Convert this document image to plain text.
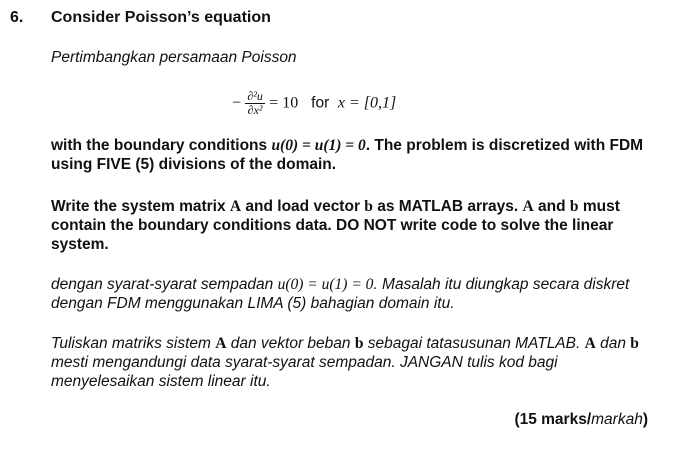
6. Consider Poisson’s equation
Pertimbangkan persamaan Poisson
− $\frac{\text{∂²u}}{\text{∂x²}} = 10$ for x = [0,1]
with the boundary conditions u(0) = u(1) = 0. The problem is discretized with FDM using FIVE (5) divisions of the domain.
Write the system matrix A and load vector b as MATLAB arrays. A and b must contain the boundary conditions data. DO NOT write code to solve the linear system.
dengan syarat-syarat sempadan u(0) = u(1) = 0. Masalah itu diungkap secara diskret dengan FDM menggunakan LIMA (5) bahagian domain itu.
Tuliskan matriks sistem A dan vektor beban b sebagai tatasusunan MATLAB. A dan b mesti mengandungi data syarat-syarat sempadan. JANGAN tulis kod bagi menyelesaikan sistem linear itu.
(15 marks/markah)
